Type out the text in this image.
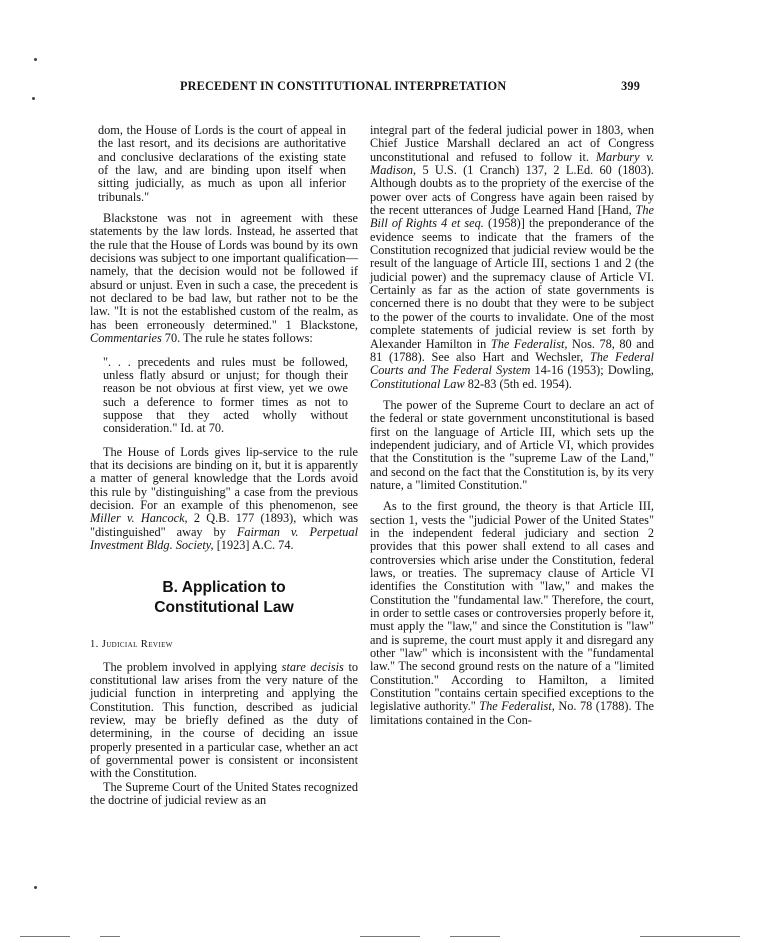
PRECEDENT IN CONSTITUTIONAL INTERPRETATION	399

dom, the House of Lords is the court of appeal in the last resort, and its decisions are authoritative and conclusive declarations of the existing state of the law, and are binding upon itself when sitting judicially, as much as upon all inferior tribunals."

Blackstone was not in agreement with these statements by the law lords. Instead, he asserted that the rule that the House of Lords was bound by its own decisions was subject to one important qualification—namely, that the decision would not be followed if absurd or unjust. Even in such a case, the precedent is not declared to be bad law, but rather not to be the law. "It is not the established custom of the realm, as has been erroneously determined." 1 Blackstone, Commentaries 70. The rule he states follows:

". . . precedents and rules must be followed, unless flatly absurd or unjust; for though their reason be not obvious at first view, yet we owe such a deference to former times as not to suppose that they acted wholly without consideration." Id. at 70.

The House of Lords gives lip-service to the rule that its decisions are binding on it, but it is apparently a matter of general knowledge that the Lords avoid this rule by "distinguishing" a case from the previous decision. For an example of this phenomenon, see Miller v. Hancock, 2 Q.B. 177 (1893), which was "distinguished" away by Fairman v. Perpetual Investment Bldg. Society, [1923] A.C. 74.

B. Application to
Constitutional Law
1. Judicial Review

The problem involved in applying stare decisis to constitutional law arises from the very nature of the judicial function in interpreting and applying the Constitution. This function, described as judicial review, may be briefly defined as the duty of determining, in the course of deciding an issue properly presented in a particular case, whether an act of governmental power is consistent or inconsistent with the Constitution.

The Supreme Court of the United States recognized the doctrine of judicial review as an

integral part of the federal judicial power in 1803, when Chief Justice Marshall declared an act of Congress unconstitutional and refused to follow it. Marbury v. Madison, 5 U.S. (1 Cranch) 137, 2 L.Ed. 60 (1803). Although doubts as to the propriety of the exercise of the power over acts of Congress have again been raised by the recent utterances of Judge Learned Hand [Hand, The Bill of Rights 4 et seq. (1958)] the preponderance of the evidence seems to indicate that the framers of the Constitution recognized that judicial review would be the result of the language of Article III, sections 1 and 2 (the judicial power) and the supremacy clause of Article VI. Certainly as far as the action of state governments is concerned there is no doubt that they were to be subject to the power of the courts to invalidate. One of the most complete statements of judicial review is set forth by Alexander Hamilton in The Federalist, Nos. 78, 80 and 81 (1788). See also Hart and Wechsler, The Federal Courts and The Federal System 14-16 (1953); Dowling, Constitutional Law 82-83 (5th ed. 1954).

The power of the Supreme Court to declare an act of the federal or state government unconstitutional is based first on the language of Article III, which sets up the independent judiciary, and of Article VI, which provides that the Constitution is the "supreme Law of the Land," and second on the fact that the Constitution is, by its very nature, a "limited Constitution."

As to the first ground, the theory is that Article III, section 1, vests the "judicial Power of the United States" in the independent federal judiciary and section 2 provides that this power shall extend to all cases and controversies which arise under the Constitution, federal laws, or treaties. The supremacy clause of Article VI identifies the Constitution with "law," and makes the Constitution the "fundamental law." Therefore, the court, in order to settle cases or controversies properly before it, must apply the "law," and since the Constitution is "law" and is supreme, the court must apply it and disregard any other "law" which is inconsistent with the "fundamental law." The second ground rests on the nature of a "limited Constitution." According to Hamilton, a limited Constitution "contains certain specified exceptions to the legislative authority." The Federalist, No. 78 (1788). The limitations contained in the Con-
